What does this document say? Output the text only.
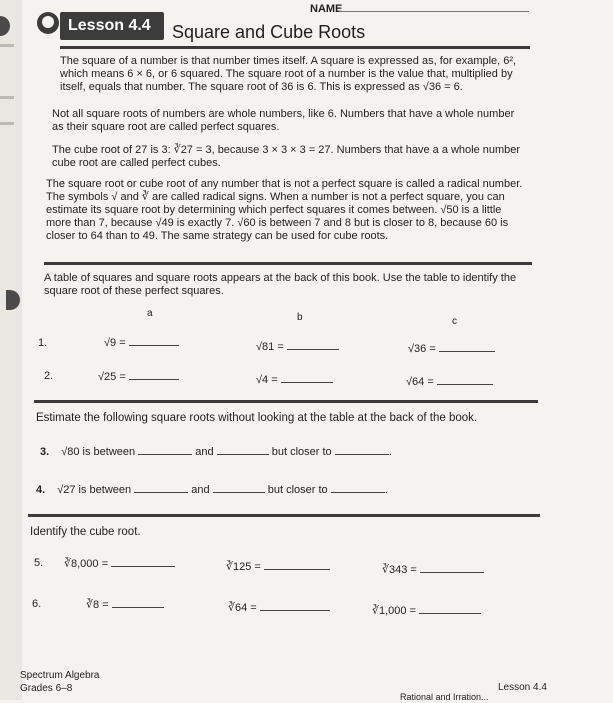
NAME
Lesson 4.4 Square and Cube Roots

The square of a number is that number times itself. A square is expressed as, for example, 6², which means 6 × 6, or 6 squared. The square root of a number is the value that, multiplied by itself, equals that number. The square root of 36 is 6. This is expressed as √36 = 6.

Not all square roots of numbers are whole numbers, like 6. Numbers that have a whole number as their square root are called perfect squares.

The cube root of 27 is 3: ∛27 = 3, because 3 × 3 × 3 = 27. Numbers that have a a whole number cube root are called perfect cubes.

The square root or cube root of any number that is not a perfect square is called a radical number. The symbols √ and ∛ are called radical signs. When a number is not a perfect square, you can estimate its square root by determining which perfect squares it comes between. √50 is a little more than 7, because √49 is exactly 7. √60 is between 7 and 8 but is closer to 8, because 60 is closer to 64 than to 49. The same strategy can be used for cube roots.

A table of squares and square roots appears at the back of this book. Use the table to identify the square root of these perfect squares.

a	b	c
1.	√9 =	√81 =	√36 =
2.	√25 =	√4 =	√64 =

Estimate the following square roots without looking at the table at the back of the book.

3. √80 is between	and	but closer to	.
4. √27 is between	and	but closer to	.

Identify the cube root.

5. ∛8,000 =	∛125 =	∛343 =
6.	∛8 =	∛64 =	∛1,000 =
Spectrum Algebra
Grades 6–8	Lesson 4.4
Rational and Irration...
